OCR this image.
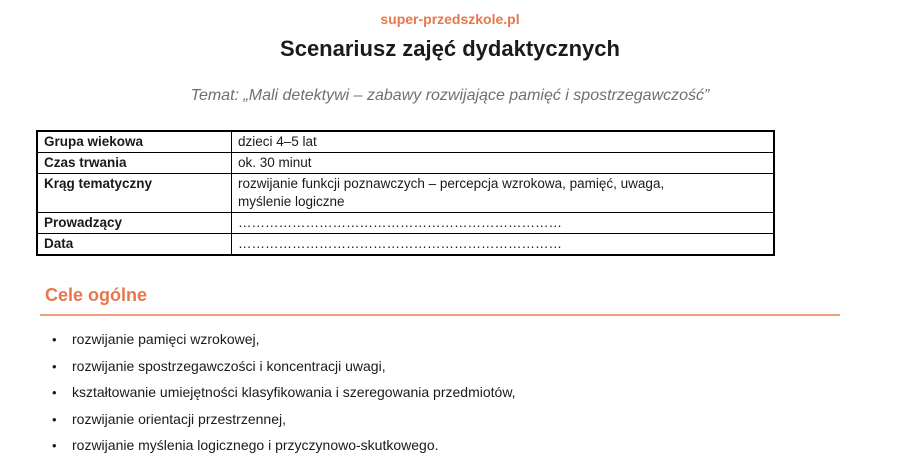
super-przedszkole.pl
Scenariusz zajęć dydaktycznych
Temat: „Mali detektywi – zabawy rozwijające pamięć i spostrzegawczość”
Grupa wiekowa	dzieci 4–5 lat
Czas trwania	ok. 30 minut
Krąg tematyczny	rozwijanie funkcji poznawczych – percepcja wzrokowa, pamięć, uwaga,
myślenie logiczne

Prowadzący	………………………………………………………………
Data	………………………………………………………………
Cele ogólne
• rozwijanie pamięci wzrokowej,
• rozwijanie spostrzegawczości i koncentracji uwagi,
• kształtowanie umiejętności klasyfikowania i szeregowania przedmiotów,
• rozwijanie orientacji przestrzennej,
• rozwijanie myślenia logicznego i przyczynowo-skutkowego.
